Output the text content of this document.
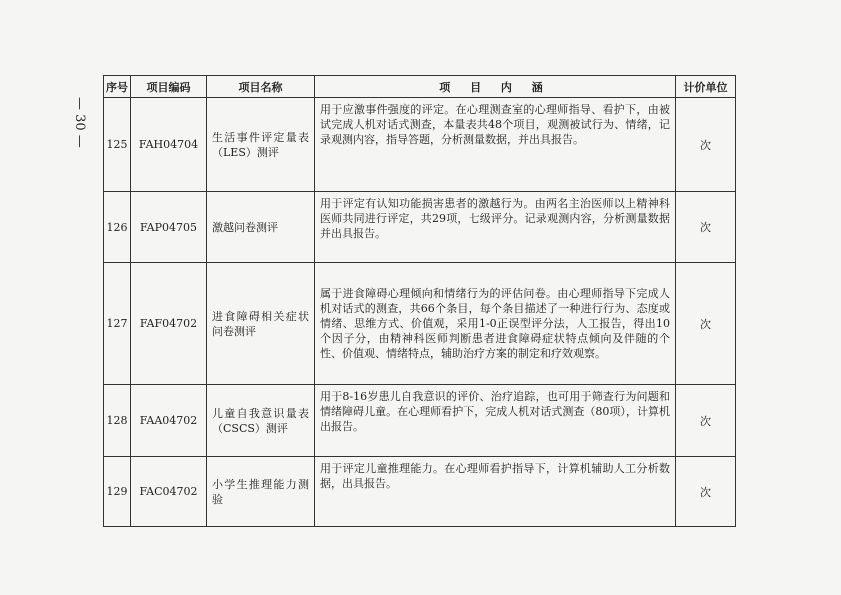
— 30 —
序号	项目编码	项目名称	项 目 内 涵	计价单位
125	FAH04704	生活事件评定量表（LES）测评	用于应激事件强度的评定。在心理测查室的心理师指导、看护下，由被试完成人机对话式测查，本量表共48个项目，观测被试行为、情绪，记录观测内容，指导答题，分析测量数据，并出具报告。	次
126	FAP04705	激越问卷测评	用于评定有认知功能损害患者的激越行为。由两名主治医师以上精神科医师共同进行评定，共29项，七级评分。记录观测内容，分析测量数据并出具报告。	次
127	FAF04702	进食障碍相关症状问卷测评	属于进食障碍心理倾向和情绪行为的评估问卷。由心理师指导下完成人机对话式的测查，共66个条目，每个条目描述了一种进行行为、态度或情绪、思维方式、价值观，采用1-0正误型评分法，人工报告，得出10个因子分，由精神科医师判断患者进食障碍症状特点倾向及伴随的个性、价值观、情绪特点，辅助治疗方案的制定和疗效观察。	次
128	FAA04702	儿童自我意识量表（CSCS）测评	用于8-16岁患儿自我意识的评价、治疗追踪，也可用于筛查行为问题和情绪障碍儿童。在心理师看护下，完成人机对话式测查（80项），计算机出报告。	次
129	FAC04702	小学生推理能力测验	用于评定儿童推理能力。在心理师看护指导下，计算机辅助人工分析数据，出具报告。	次
